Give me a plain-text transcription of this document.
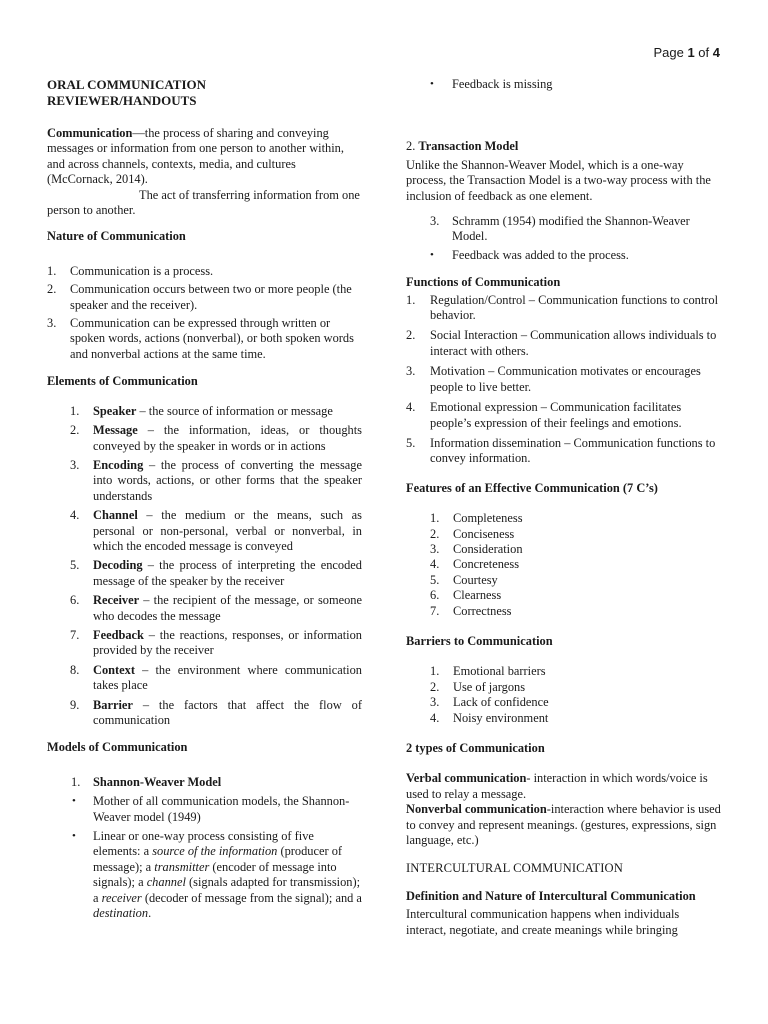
Page 1 of 4

ORAL COMMUNICATION

REVIEWER/HANDOUTS

Communication—the process of sharing and conveying messages or information from one person to another within, and across channels, contexts, media, and cultures (McCornack, 2014).

The act of transferring information from one person to another.

Nature of Communication

1. Communication is a process.
2. Communication occurs between two or more people (the speaker and the receiver).
3. Communication can be expressed through written or spoken words, actions (nonverbal), or both spoken words and nonverbal actions at the same time.

Elements of Communication

1. Speaker – the source of information or message
2. Message – the information, ideas, or thoughts conveyed by the speaker in words or in actions
3. Encoding – the process of converting the message into words, actions, or other forms that the speaker understands
4. Channel – the medium or the means, such as personal or non-personal, verbal or nonverbal, in which the encoded message is conveyed
5. Decoding – the process of interpreting the encoded message of the speaker by the receiver
6. Receiver – the recipient of the message, or someone who decodes the message
7. Feedback – the reactions, responses, or information provided by the receiver
8. Context – the environment where communication takes place
9. Barrier – the factors that affect the flow of communication

Models of Communication

1. Shannon-Weaver Model
• Mother of all communication models, the Shannon-Weaver model (1949)
• Linear or one-way process consisting of five elements: a source of the information (producer of message); a transmitter (encoder of message into signals); a channel (signals adapted for transmission); a receiver (decoder of message from the signal); and a destination.
• Feedback is missing

2. Transaction Model

Unlike the Shannon-Weaver Model, which is a one-way process, the Transaction Model is a two-way process with the inclusion of feedback as one element.

3. Schramm (1954) modified the Shannon-Weaver Model.
• Feedback was added to the process.

Functions of Communication

1. Regulation/Control – Communication functions to control behavior.
2. Social Interaction – Communication allows individuals to interact with others.
3. Motivation – Communication motivates or encourages people to live better.
4. Emotional expression – Communication facilitates people’s expression of their feelings and emotions.
5. Information dissemination – Communication functions to convey information.

Features of an Effective Communication (7 C’s)

1. Completeness
2. Conciseness
3. Consideration
4. Concreteness
5. Courtesy
6. Clearness
7. Correctness

Barriers to Communication

1. Emotional barriers
2. Use of jargons
3. Lack of confidence
4. Noisy environment

2 types of Communication

Verbal communication- interaction in which words/voice is used to relay a message.

Nonverbal communication-interaction where behavior is used to convey and represent meanings. (gestures, expressions, sign language, etc.)

INTERCULTURAL COMMUNICATION

Definition and Nature of Intercultural Communication

Intercultural communication happens when individuals interact, negotiate, and create meanings while bringing
